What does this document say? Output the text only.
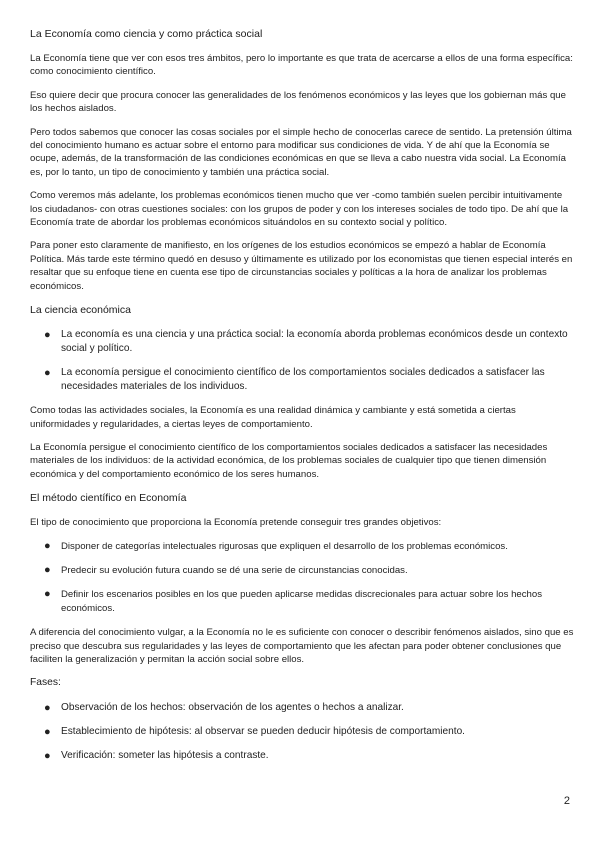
La Economía como ciencia y como práctica social
La Economía tiene que ver con esos tres ámbitos, pero lo importante es que trata de acercarse a ellos de una forma específica: como conocimiento científico.
Eso quiere decir que procura conocer las generalidades de los fenómenos económicos y las leyes que los gobiernan más que los hechos aislados.
Pero todos sabemos que conocer las cosas sociales por el simple hecho de conocerlas carece de sentido. La pretensión última del conocimiento humano es actuar sobre el entorno para modificar sus condiciones de vida. Y de ahí que la Economía se ocupe, además, de la transformación de las condiciones económicas en que se lleva a cabo nuestra vida social. La Economía es, por lo tanto, un tipo de conocimiento y también una práctica social.
Como veremos más adelante, los problemas económicos tienen mucho que ver -como también suelen percibir intuitivamente los ciudadanos- con otras cuestiones sociales: con los grupos de poder y con los intereses sociales de todo tipo. De ahí que la Economía trate de abordar los problemas económicos situándolos en su contexto social y político.
Para poner esto claramente de manifiesto, en los orígenes de los estudios económicos se empezó a hablar de Economía Política. Más tarde este término quedó en desuso y últimamente es utilizado por los economistas que tienen especial interés en resaltar que su enfoque tiene en cuenta ese tipo de circunstancias sociales y políticas a la hora de analizar los problemas económicos.
La ciencia económica
● La economía es una ciencia y una práctica social: la economía aborda problemas económicos desde un contexto social y político.
● La economía persigue el conocimiento científico de los comportamientos sociales dedicados a satisfacer las necesidades materiales de los individuos.
Como todas las actividades sociales, la Economía es una realidad dinámica y cambiante y está sometida a ciertas uniformidades y regularidades, a ciertas leyes de comportamiento.
La Economía persigue el conocimiento científico de los comportamientos sociales dedicados a satisfacer las necesidades materiales de los individuos: de la actividad económica, de los problemas sociales de cualquier tipo que tienen dimensión económica y del comportamiento económico de los seres humanos.
El método científico en Economía
El tipo de conocimiento que proporciona la Economía pretende conseguir tres grandes objetivos:
● Disponer de categorías intelectuales rigurosas que expliquen el desarrollo de los problemas económicos.
● Predecir su evolución futura cuando se dé una serie de circunstancias conocidas.
● Definir los escenarios posibles en los que pueden aplicarse medidas discrecionales para actuar sobre los hechos económicos.
A diferencia del conocimiento vulgar, a la Economía no le es suficiente con conocer o describir fenómenos aislados, sino que es preciso que descubra sus regularidades y las leyes de comportamiento que les afectan para poder obtener conclusiones que faciliten la generalización y permitan la acción social sobre ellos.
Fases:
● Observación de los hechos: observación de los agentes o hechos a analizar.
● Establecimiento de hipótesis: al observar se pueden deducir hipótesis de comportamiento.
● Verificación: someter las hipótesis a contraste.
2
